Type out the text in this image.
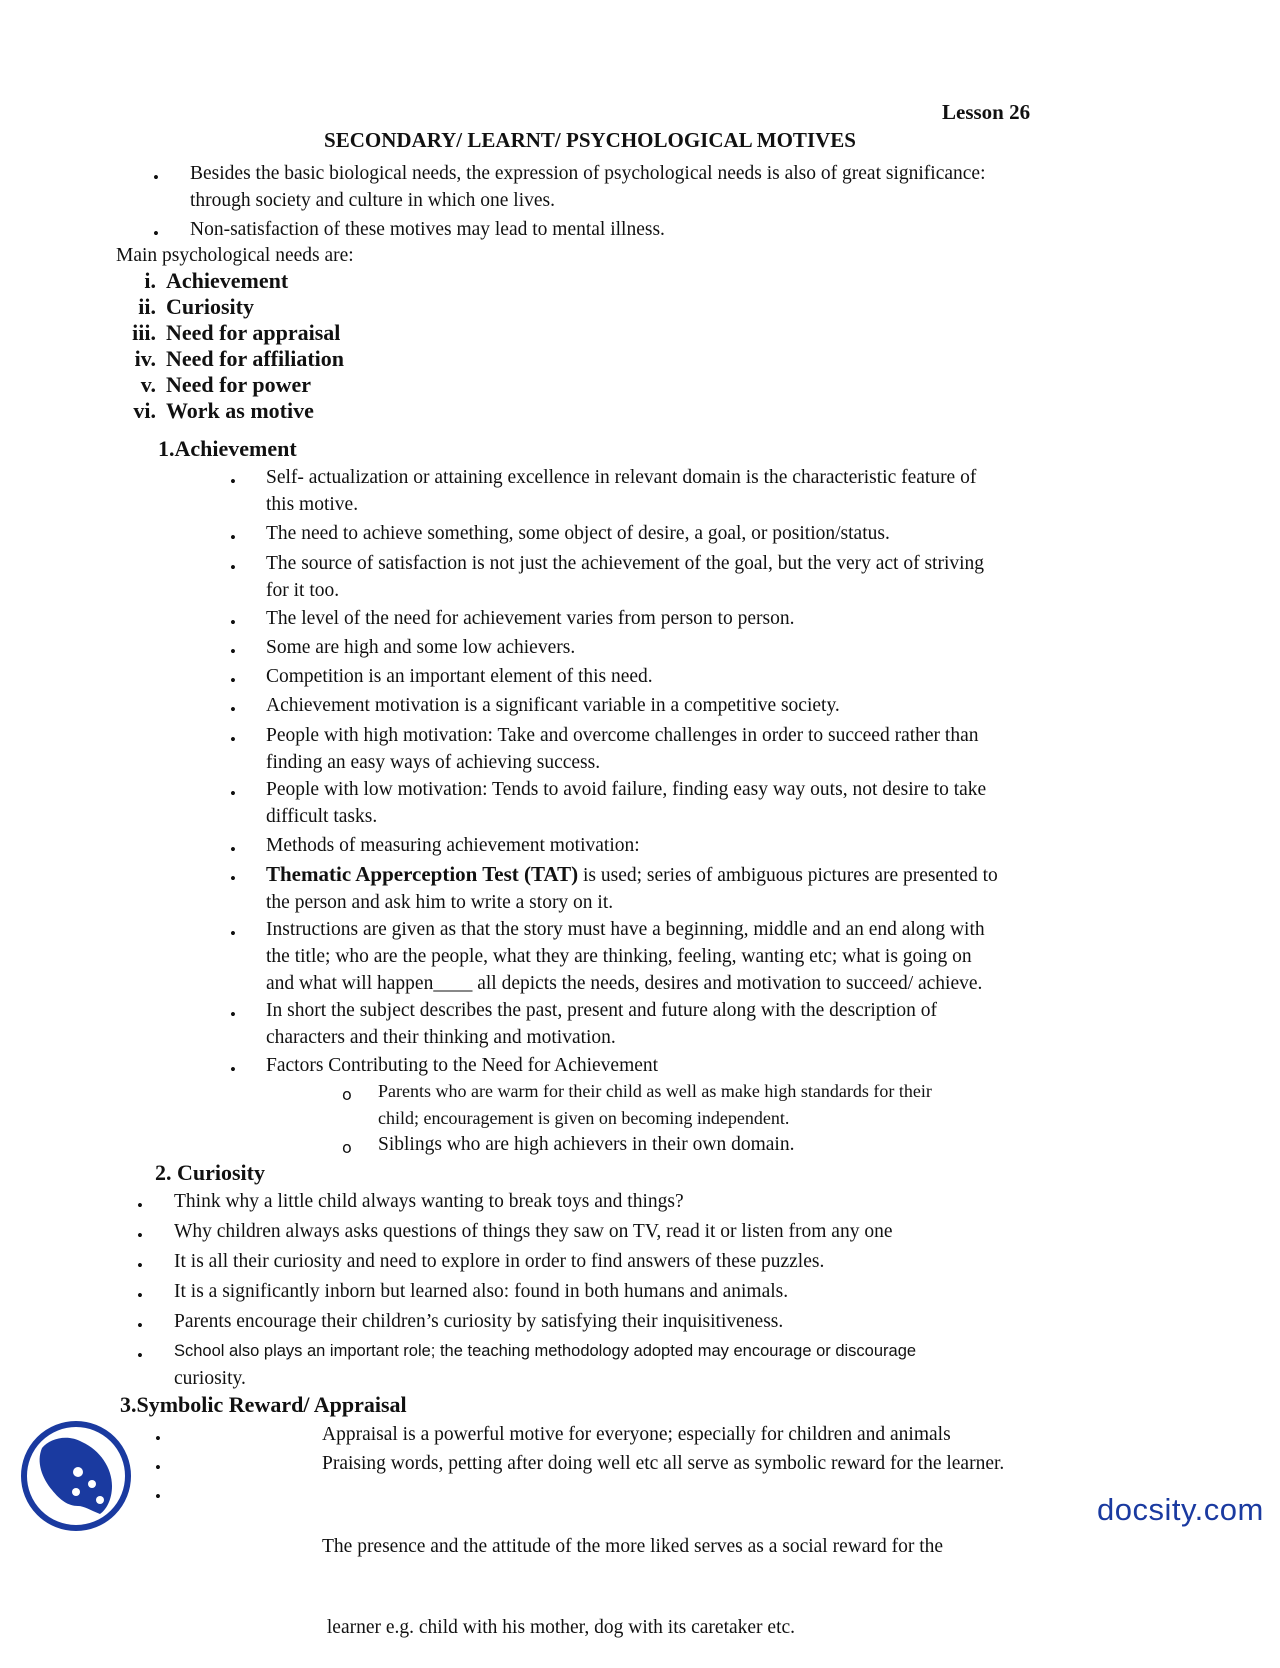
Lesson 26
SECONDARY/ LEARNT/ PSYCHOLOGICAL MOTIVES
• Besides the basic biological needs, the expression of psychological needs is also of great significance:
through society and culture in which one lives.
• Non-satisfaction of these motives may lead to mental illness.
Main psychological needs are:
i. Achievement
ii. Curiosity
iii. Need for appraisal
iv. Need for affiliation
v. Need for power
vi. Work as motive
1.Achievement
• Self- actualization or attaining excellence in relevant domain is the characteristic feature of
this motive.
• The need to achieve something, some object of desire, a goal, or position/status.
• The source of satisfaction is not just the achievement of the goal, but the very act of striving
for it too.
• The level of the need for achievement varies from person to person.
• Some are high and some low achievers.
• Competition is an important element of this need.
• Achievement motivation is a significant variable in a competitive society.
• People with high motivation: Take and overcome challenges in order to succeed rather than
finding an easy ways of achieving success.
• People with low motivation: Tends to avoid failure, finding easy way outs, not desire to take
difficult tasks.
• Methods of measuring achievement motivation:
• Thematic Apperception Test (TAT) is used; series of ambiguous pictures are presented to
the person and ask him to write a story on it.
• Instructions are given as that the story must have a beginning, middle and an end along with
the title; who are the people, what they are thinking, feeling, wanting etc; what is going on
and what will happen____ all depicts the needs, desires and motivation to succeed/ achieve.
• In short the subject describes the past, present and future along with the description of
characters and their thinking and motivation.
• Factors Contributing to the Need for Achievement
o Parents who are warm for their child as well as make high standards for their
child; encouragement is given on becoming independent.
o Siblings who are high achievers in their own domain.
2. Curiosity
• Think why a little child always wanting to break toys and things?
• Why children always asks questions of things they saw on TV, read it or listen from any one
• It is all their curiosity and need to explore in order to find answers of these puzzles.
• It is a significantly inborn but learned also: found in both humans and animals.
• Parents encourage their children’s curiosity by satisfying their inquisitiveness.
• School also plays an important role; the teaching methodology adopted may encourage or discourage
curiosity.
3.Symbolic Reward/ Appraisal
•	Appraisal is a powerful motive for everyone; especially for children and animals
•	Praising words, petting after doing well etc all serve as symbolic reward for the learner.
•

The presence and the attitude of the more liked serves as a social reward for the

learner e.g. child with his mother, dog with its caretaker etc.

docsity.com
